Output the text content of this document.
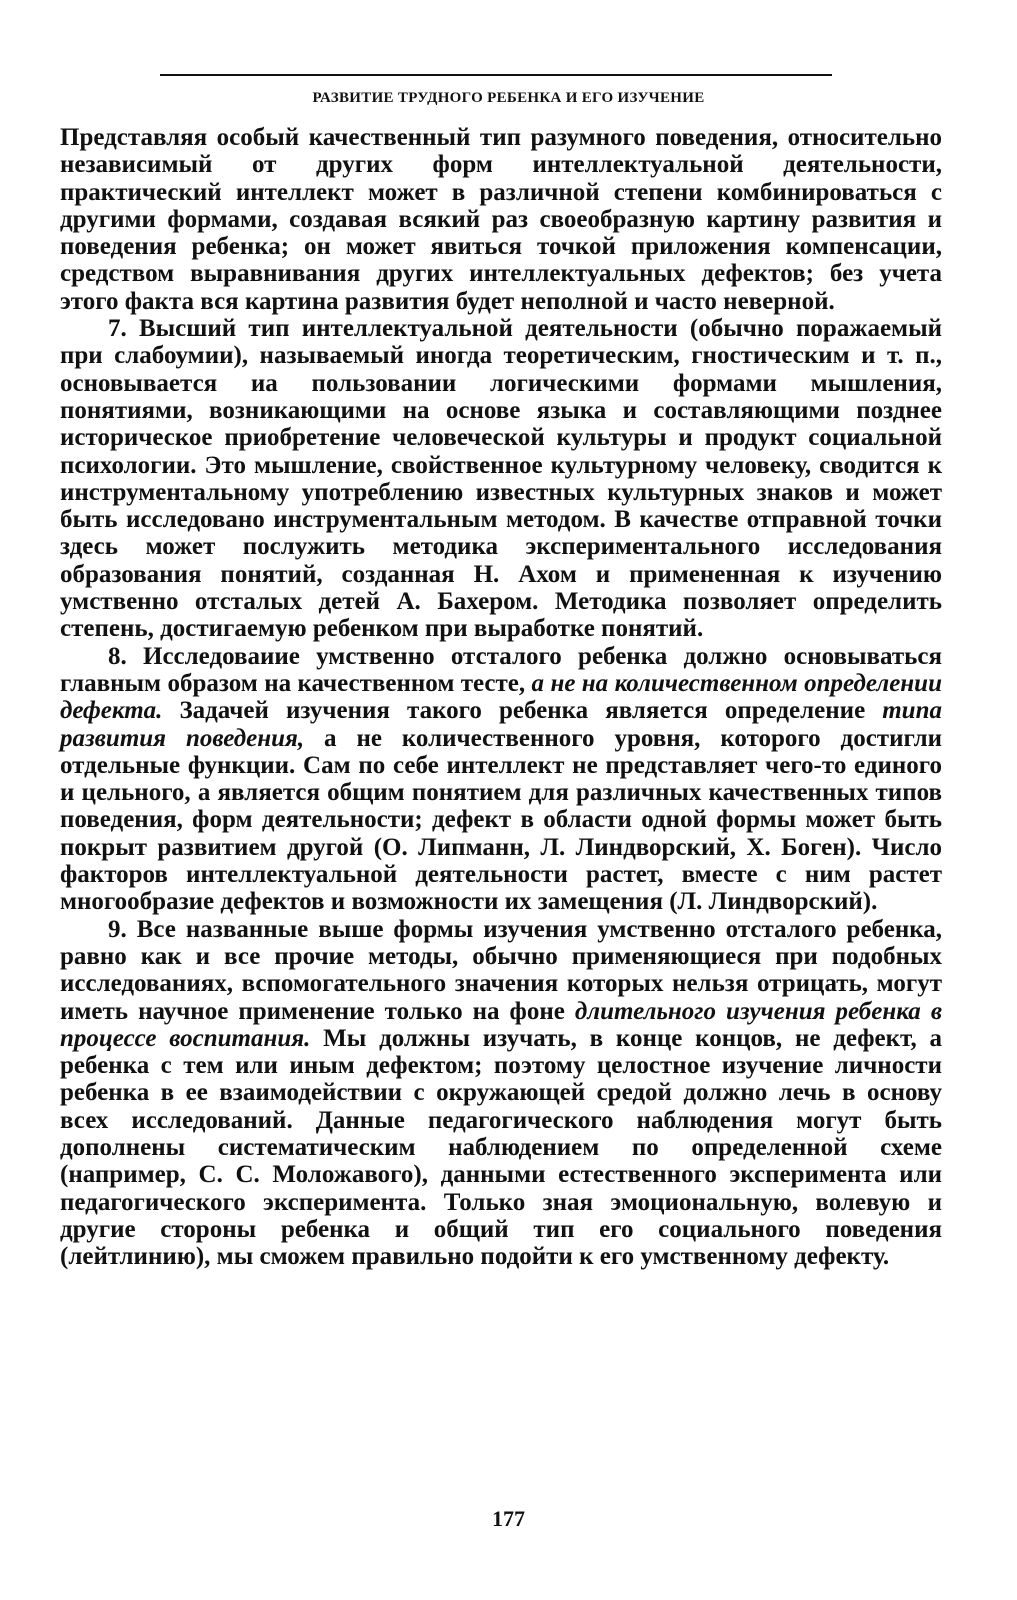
РАЗВИТИЕ ТРУДНОГО РЕБЕНКА И ЕГО ИЗУЧЕНИЕ

Представляя особый качественный тип разумного поведения, относительно независимый от других форм интеллектуальной деятельности, практический интеллект может в различной степени комбинироваться с другими формами, создавая всякий раз своеобразную картину развития и поведения ребенка; он может явиться точкой приложения компенсации, средством выравнивания других интеллектуальных дефектов; без учета этого факта вся картина развития будет неполной и часто неверной.

7. Высший тип интеллектуальной деятельности (обычно поражаемый при слабоумии), называемый иногда теоретическим, гностическим и т. п., основывается иа пользовании логическими формами мышления, понятиями, возникающими на основе языка и составляющими позднее историческое приобретение человеческой культуры и продукт социальной психологии. Это мышление, свойственное культурному человеку, сводится к инструментальному употреблению известных культурных знаков и может быть исследовано инструментальным методом. В качестве отправной точки здесь может послужить методика экспериментального исследования образования понятий, созданная Н. Ахом и примененная к изучению умственно отсталых детей А. Бахером. Методика позволяет определить степень, достигаемую ребенком при выработке понятий.

8. Исследоваиие умственно отсталого ребенка должно основываться главным образом на качественном тесте, а не на количественном определении дефекта. Задачей изучения такого ребенка является определение типа развития поведения, а не количественного уровня, которого достигли отдельные функции. Сам по себе интеллект не представляет чего-то единого и цельного, а является общим понятием для различных качественных типов поведения, форм деятельности; дефект в области одной формы может быть покрыт развитием другой (О. Липманн, Л. Линдворский, X. Боген). Число факторов интеллектуальной деятельности растет, вместе с ним растет многообразие дефектов и возможности их замещения (Л. Линдворский).

9. Все названные выше формы изучения умственно отсталого ребенка, равно как и все прочие методы, обычно применяющиеся при подобных исследованиях, вспомогательного значения которых нельзя отрицать, могут иметь научное применение только на фоне длительного изучения ребенка в процессе воспитания. Мы должны изучать, в конце концов, не дефект, а ребенка с тем или иным дефектом; поэтому целостное изучение личности ребенка в ее взаимодействии с окружающей средой должно лечь в основу всех исследований. Данные педагогического наблюдения могут быть дополнены систематическим наблюдением по определенной схеме (например, С. С. Моложавого), данными естественного эксперимента или педагогического эксперимента. Только зная эмоциональную, волевую и другие стороны ребенка и общий тип его социального поведения (лейтлинию), мы сможем правильно подойти к его умственному дефекту.

177
